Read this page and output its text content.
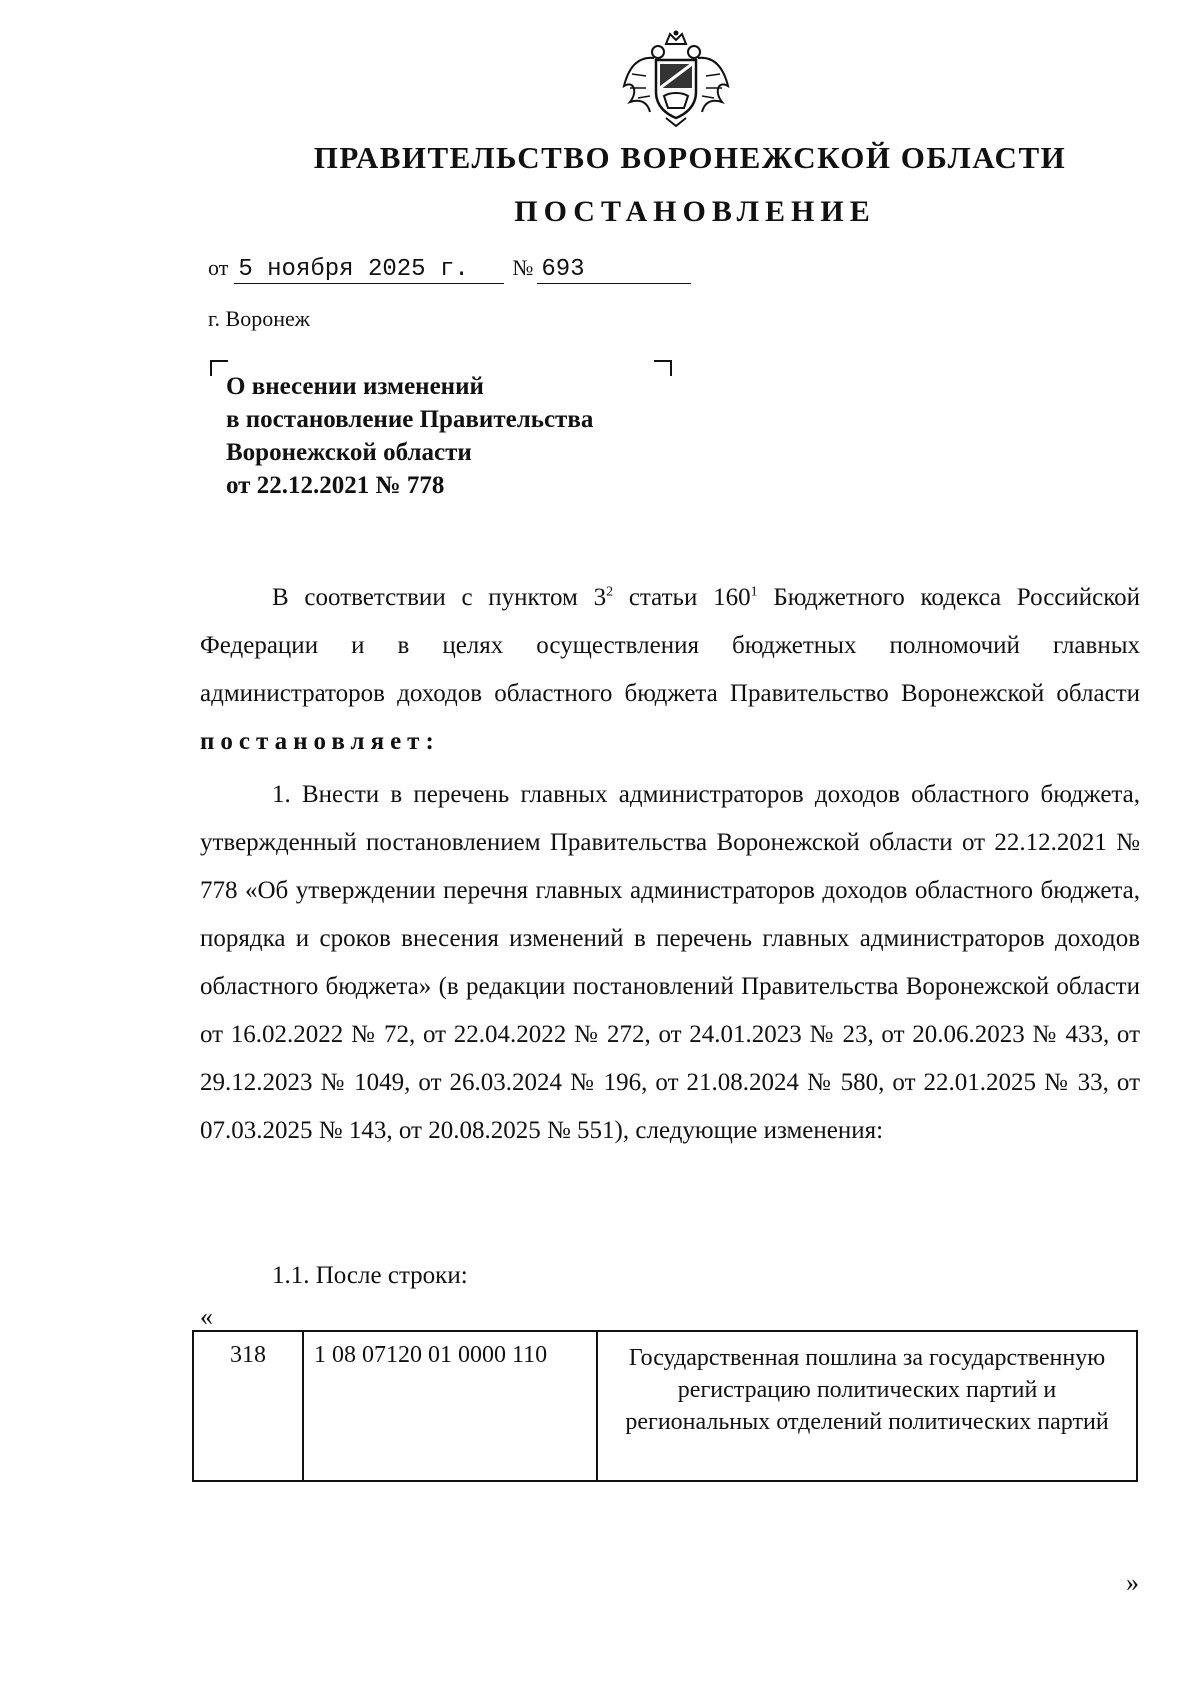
ПРАВИТЕЛЬСТВО ВОРОНЕЖСКОЙ ОБЛАСТИ
ПОСТАНОВЛЕНИЕ
от 5 ноября 2025 г. № 693
г. Воронеж
О внесении изменений
в постановление Правительства
Воронежской области
от 22.12.2021 № 778
В соответствии с пунктом $3^2$ статьи $160^1$ Бюджетного кодекса Российской Федерации и в целях осуществления бюджетных полномочий главных администраторов доходов областного бюджета Правительство Воронежской области постановляет:
1. Внести в перечень главных администраторов доходов областного бюджета, утвержденный постановлением Правительства Воронежской области от 22.12.2021 № 778 «Об утверждении перечня главных администраторов доходов областного бюджета, порядка и сроков внесения изменений в перечень главных администраторов доходов областного бюджета» (в редакции постановлений Правительства Воронежской области от 16.02.2022 № 72, от 22.04.2022 № 272, от 24.01.2023 № 23, от 20.06.2023 № 433, от 29.12.2023 № 1049, от 26.03.2024 № 196, от 21.08.2024 № 580, от 22.01.2025 № 33, от 07.03.2025 № 143, от 20.08.2025 № 551), следующие изменения:
1.1. После строки:
«
318	1 08 07120 01 0000 110	Государственная пошлина за государственную регистрацию политических партий и региональных отделений политических партий
»
